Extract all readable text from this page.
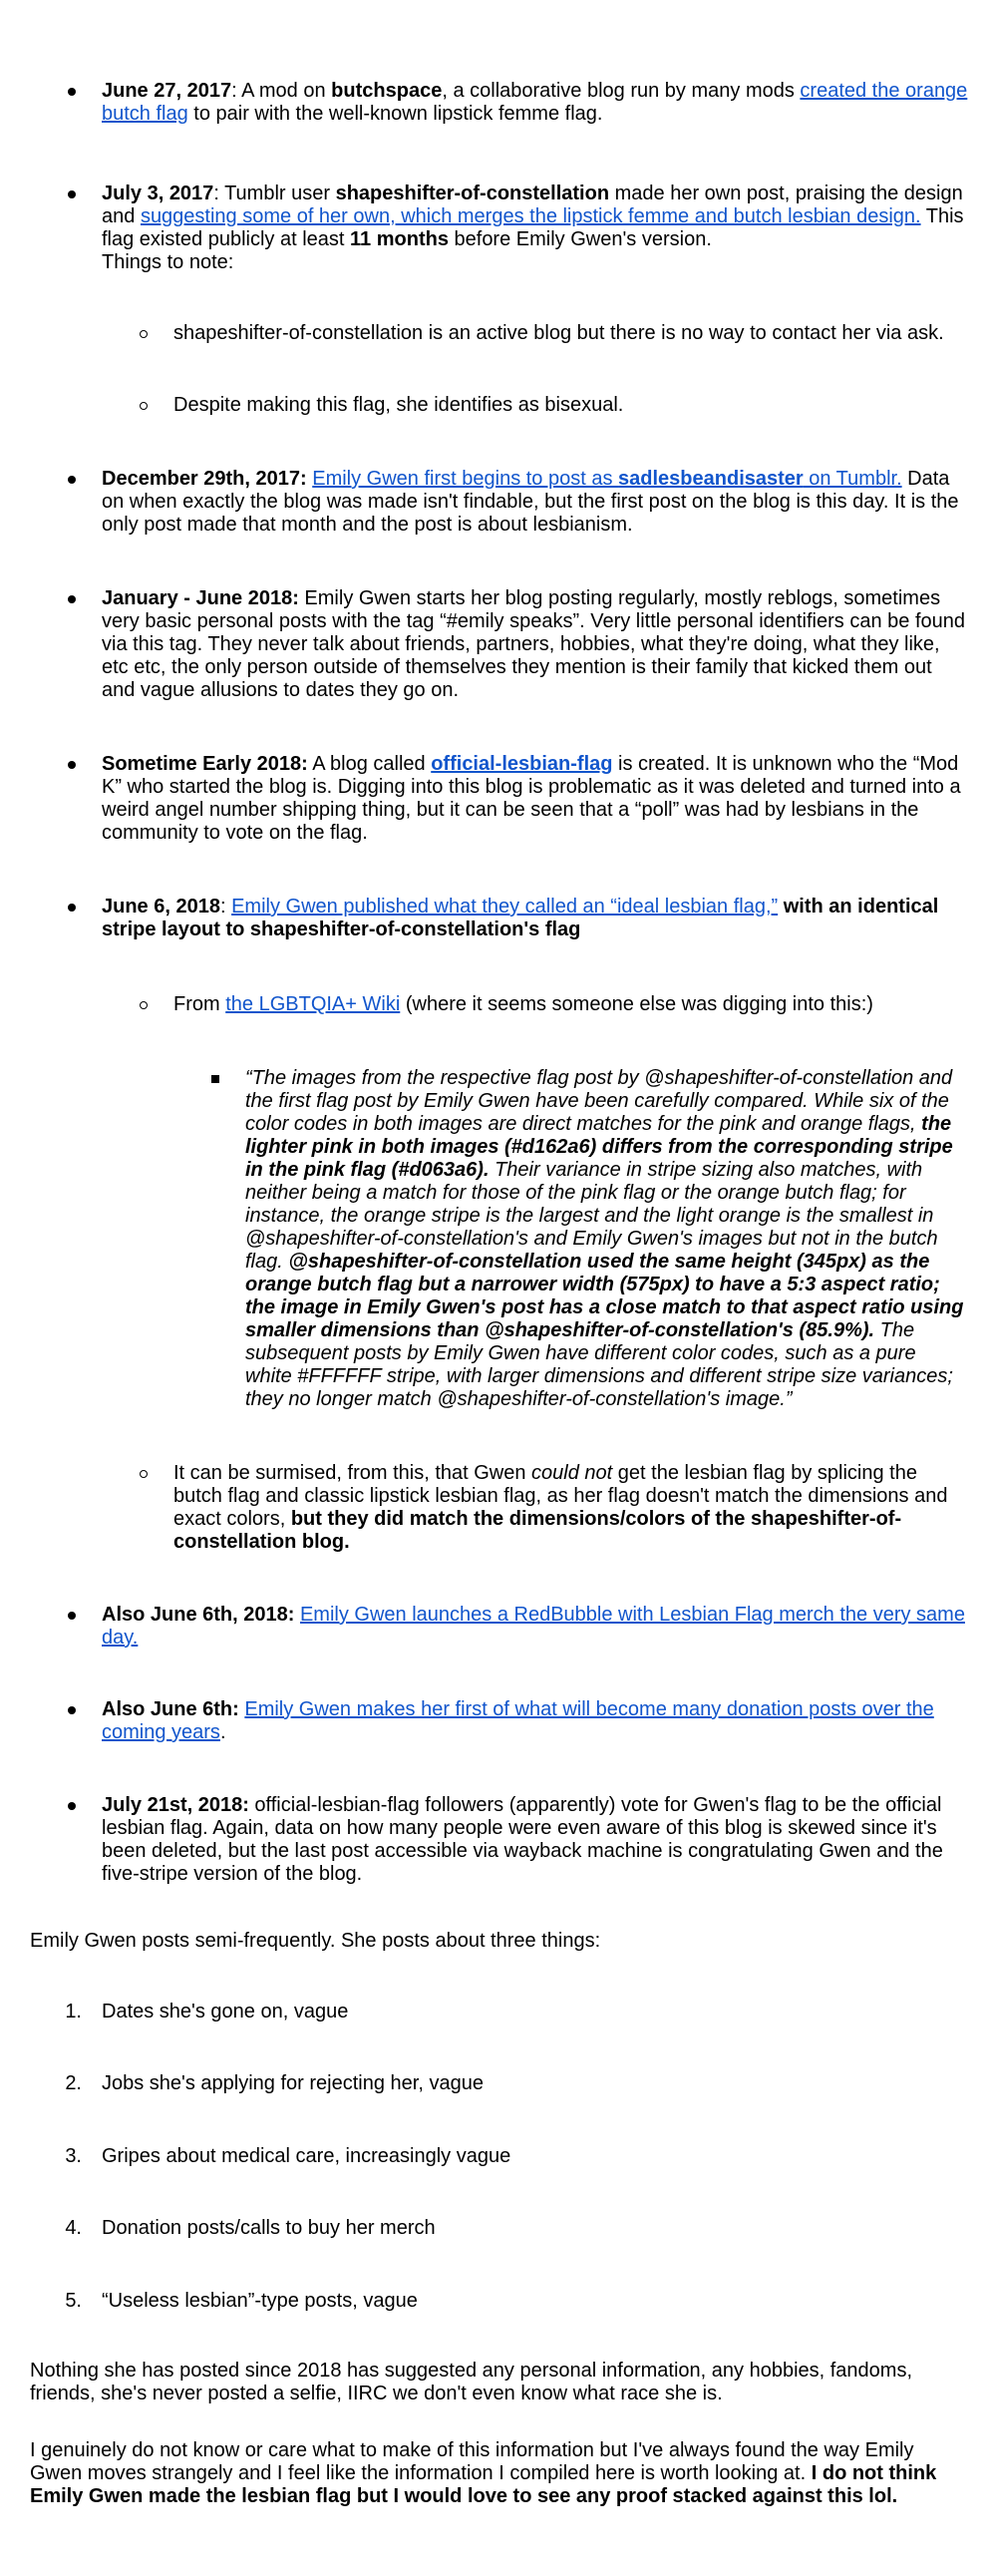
June 27, 2017: A mod on butchspace, a collaborative blog run by many mods created the orange butch flag to pair with the well-known lipstick femme flag.

July 3, 2017: Tumblr user shapeshifter-of-constellation made her own post, praising the design and suggesting some of her own, which merges the lipstick femme and butch lesbian design. This flag existed publicly at least 11 months before Emily Gwen's version.
Things to note:

shapeshifter-of-constellation is an active blog but there is no way to contact her via ask.

Despite making this flag, she identifies as bisexual.

December 29th, 2017: Emily Gwen first begins to post as sadlesbeandisaster on Tumblr. Data on when exactly the blog was made isn't findable, but the first post on the blog is this day. It is the only post made that month and the post is about lesbianism.

January - June 2018: Emily Gwen starts her blog posting regularly, mostly reblogs, sometimes very basic personal posts with the tag “#emily speaks”. Very little personal identifiers can be found via this tag. They never talk about friends, partners, hobbies, what they're doing, what they like, etc etc, the only person outside of themselves they mention is their family that kicked them out and vague allusions to dates they go on.

Sometime Early 2018: A blog called official-lesbian-flag is created. It is unknown who the “Mod K” who started the blog is. Digging into this blog is problematic as it was deleted and turned into a weird angel number shipping thing, but it can be seen that a “poll” was had by lesbians in the community to vote on the flag.

June 6, 2018: Emily Gwen published what they called an “ideal lesbian flag,” with an identical stripe layout to shapeshifter-of-constellation's flag

From the LGBTQIA+ Wiki (where it seems someone else was digging into this:)

“The images from the respective flag post by @shapeshifter-of-constellation and the first flag post by Emily Gwen have been carefully compared. While six of the color codes in both images are direct matches for the pink and orange flags, the lighter pink in both images (#d162a6) differs from the corresponding stripe in the pink flag (#d063a6). Their variance in stripe sizing also matches, with neither being a match for those of the pink flag or the orange butch flag; for instance, the orange stripe is the largest and the light orange is the smallest in @shapeshifter-of-constellation's and Emily Gwen's images but not in the butch flag. @shapeshifter-of-constellation used the same height (345px) as the orange butch flag but a narrower width (575px) to have a 5:3 aspect ratio; the image in Emily Gwen's post has a close match to that aspect ratio using smaller dimensions than @shapeshifter-of-constellation's (85.9%). The subsequent posts by Emily Gwen have different color codes, such as a pure white #FFFFFF stripe, with larger dimensions and different stripe size variances; they no longer match @shapeshifter-of-constellation's image.”

It can be surmised, from this, that Gwen could not get the lesbian flag by splicing the butch flag and classic lipstick lesbian flag, as her flag doesn't match the dimensions and exact colors, but they did match the dimensions/colors of the shapeshifter-of-constellation blog.

Also June 6th, 2018: Emily Gwen launches a RedBubble with Lesbian Flag merch the very same day.

Also June 6th: Emily Gwen makes her first of what will become many donation posts over the coming years.

July 21st, 2018: official-lesbian-flag followers (apparently) vote for Gwen's flag to be the official lesbian flag. Again, data on how many people were even aware of this blog is skewed since it's been deleted, but the last post accessible via wayback machine is congratulating Gwen and the five-stripe version of the blog.

Emily Gwen posts semi-frequently. She posts about three things:

1. Dates she's gone on, vague

2. Jobs she's applying for rejecting her, vague

3. Gripes about medical care, increasingly vague

4. Donation posts/calls to buy her merch

5. “Useless lesbian”-type posts, vague

Nothing she has posted since 2018 has suggested any personal information, any hobbies, fandoms, friends, she's never posted a selfie, IIRC we don't even know what race she is.

I genuinely do not know or care what to make of this information but I've always found the way Emily Gwen moves strangely and I feel like the information I compiled here is worth looking at. I do not think Emily Gwen made the lesbian flag but I would love to see any proof stacked against this lol.
